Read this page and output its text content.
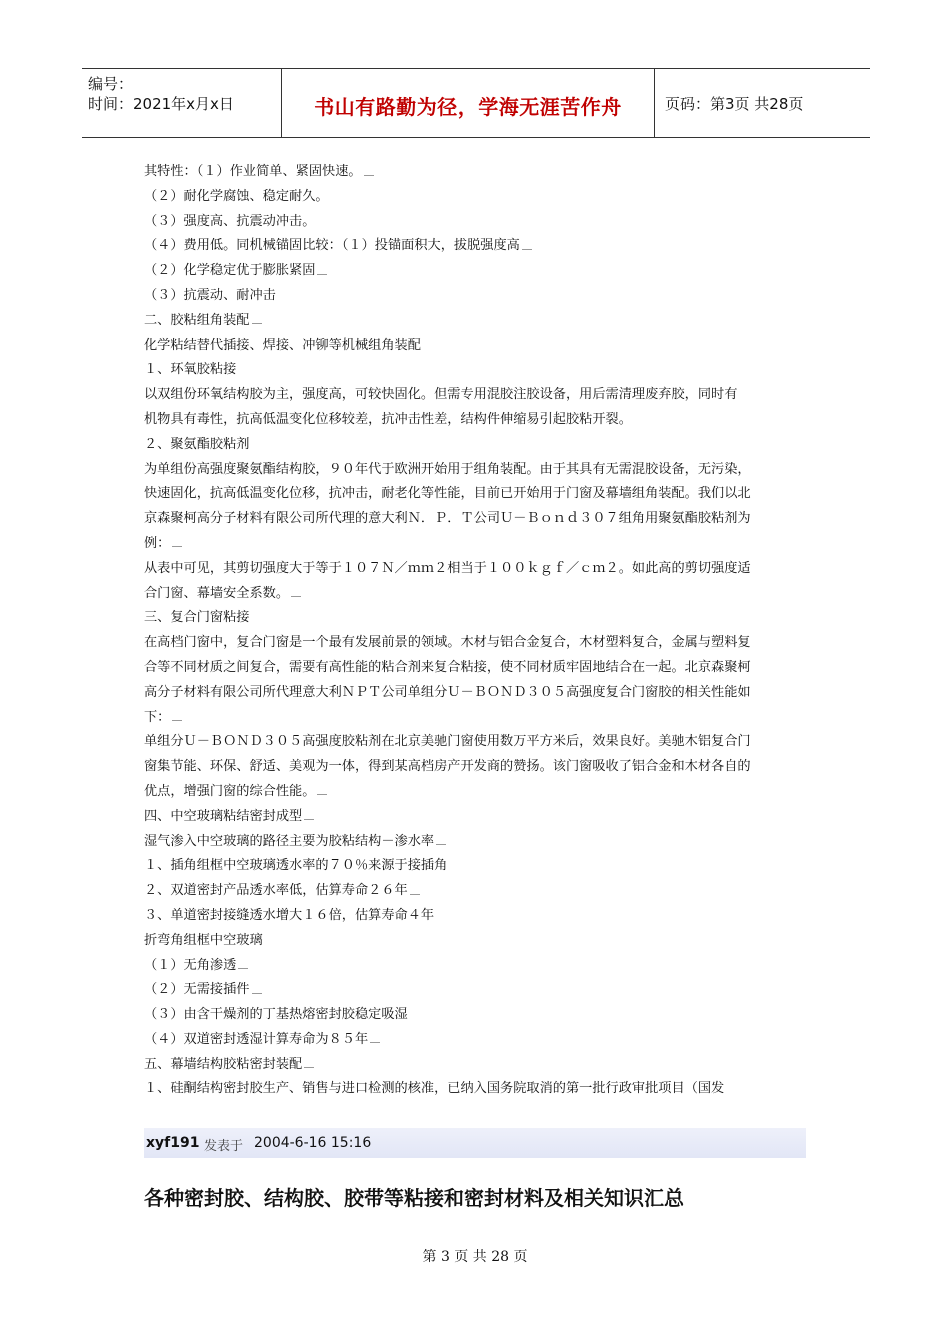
编号：
时间：2021年x月x日	书山有路勤为径，学海无涯苦作舟	页码：第3页 共28页
其特性：（１）作业简单、紧固快速。
（２）耐化学腐蚀、稳定耐久。
（３）强度高、抗震动冲击。
（４）费用低。同机械锚固比较：（１）投锚面积大，拔脱强度高
（２）化学稳定优于膨胀紧固
（３）抗震动、耐冲击
二、胶粘组角装配
化学粘结替代插接、焊接、冲铆等机械组角装配
１、环氧胶粘接
以双组份环氧结构胶为主，强度高，可较快固化。但需专用混胶注胶设备，用后需清理废弃胶，同时有
机物具有毒性，抗高低温变化位移较差，抗冲击性差，结构件伸缩易引起胶粘开裂。
２、聚氨酯胶粘剂
为单组份高强度聚氨酯结构胶，９０年代于欧洲开始用于组角装配。由于其具有无需混胶设备，无污染，
快速固化，抗高低温变化位移，抗冲击，耐老化等性能，目前已开始用于门窗及幕墙组角装配。我们以北
京森聚柯高分子材料有限公司所代理的意大利Ｎ．Ｐ．Ｔ公司Ｕ－Ｂｏｎｄ３０７组角用聚氨酯胶粘剂为
例：
从表中可见，其剪切强度大于等于１０７Ｎ／ｍｍ２相当于１００ｋｇｆ／ｃｍ２。如此高的剪切强度适
合门窗、幕墙安全系数。
三、复合门窗粘接
在高档门窗中，复合门窗是一个最有发展前景的领域。木材与铝合金复合，木材塑料复合，金属与塑料复
合等不同材质之间复合，需要有高性能的粘合剂来复合粘接，使不同材质牢固地结合在一起。北京森聚柯
高分子材料有限公司所代理意大利ＮＰＴ公司单组分Ｕ－ＢＯＮＤ３０５高强度复合门窗胶的相关性能如
下：
单组分Ｕ－ＢＯＮＤ３０５高强度胶粘剂在北京美驰门窗使用数万平方米后，效果良好。美驰木铝复合门
窗集节能、环保、舒适、美观为一体，得到某高档房产开发商的赞扬。该门窗吸收了铝合金和木材各自的
优点，增强门窗的综合性能。
四、中空玻璃粘结密封成型
湿气渗入中空玻璃的路径主要为胶粘结构－渗水率
１、插角组框中空玻璃透水率的７０％来源于接插角
２、双道密封产品透水率低，估算寿命２６年
３、单道密封接缝透水增大１６倍，估算寿命４年
折弯角组框中空玻璃
（１）无角渗透
（２）无需接插件
（３）由含干燥剂的丁基热熔密封胶稳定吸湿
（４）双道密封透湿计算寿命为８５年
五、幕墙结构胶粘密封装配
１、硅酮结构密封胶生产、销售与进口检测的核准，已纳入国务院取消的第一批行政审批项目（国发
xyf191 发表于 2004-6-16 15:16
各种密封胶、结构胶、胶带等粘接和密封材料及相关知识汇总
第 3 页 共 28 页
